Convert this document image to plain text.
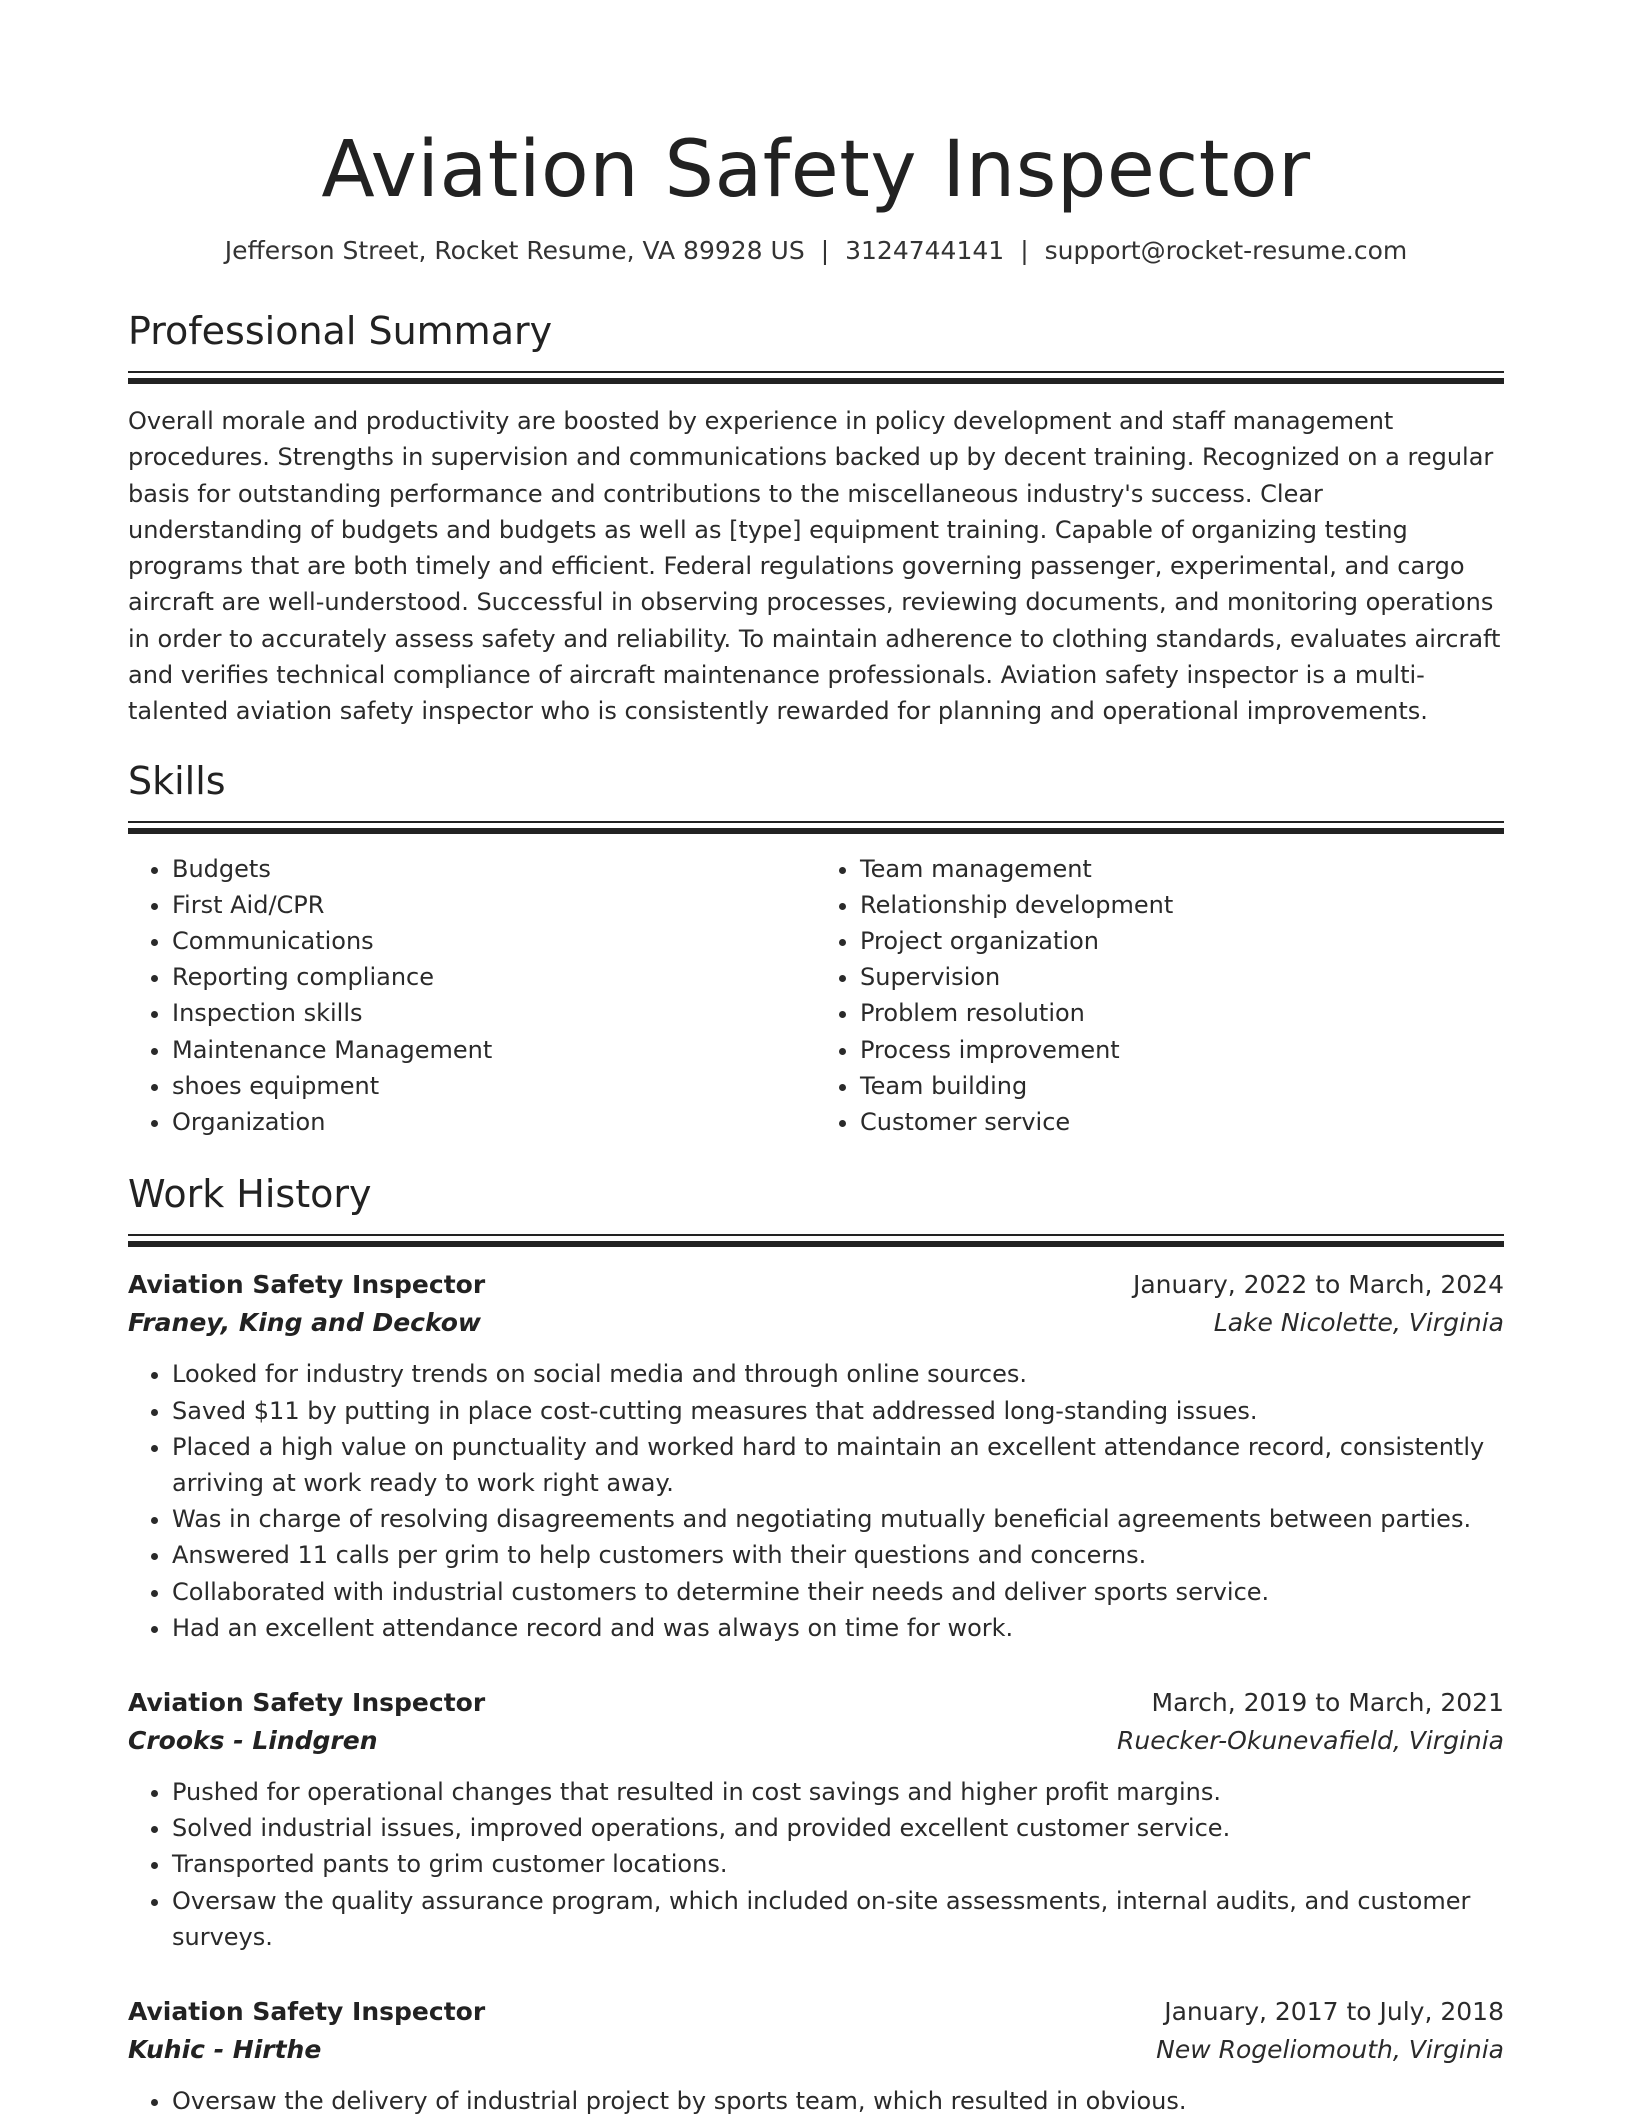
Aviation Safety Inspector
Jefferson Street, Rocket Resume, VA 89928 US | 3124744141 | support@rocket-resume.com
Professional Summary

Overall morale and productivity are boosted by experience in policy development and staff management procedures. Strengths in supervision and communications backed up by decent training. Recognized on a regular basis for outstanding performance and contributions to the miscellaneous industry's success. Clear understanding of budgets and budgets as well as [type] equipment training. Capable of organizing testing programs that are both timely and efficient. Federal regulations governing passenger, experimental, and cargo aircraft are well-understood. Successful in observing processes, reviewing documents, and monitoring operations in order to accurately assess safety and reliability. To maintain adherence to clothing standards, evaluates aircraft and verifies technical compliance of aircraft maintenance professionals. Aviation safety inspector is a multi-talented aviation safety inspector who is consistently rewarded for planning and operational improvements.

Skills
• Budgets
• First Aid/CPR
• Communications
• Reporting compliance
• Inspection skills
• Maintenance Management
• shoes equipment
• Organization
• Team management
• Relationship development
• Project organization
• Supervision
• Problem resolution
• Process improvement
• Team building
• Customer service
Work History
Aviation Safety Inspector	January, 2022 to March, 2024
Franey, King and Deckow	Lake Nicolette, Virginia
• Looked for industry trends on social media and through online sources.
• Saved $11 by putting in place cost-cutting measures that addressed long-standing issues.
• Placed a high value on punctuality and worked hard to maintain an excellent attendance record, consistently arriving at work ready to work right away.
• Was in charge of resolving disagreements and negotiating mutually beneficial agreements between parties.
• Answered 11 calls per grim to help customers with their questions and concerns.
• Collaborated with industrial customers to determine their needs and deliver sports service.
• Had an excellent attendance record and was always on time for work.
Aviation Safety Inspector	March, 2019 to March, 2021
Crooks - Lindgren	Ruecker-Okunevafield, Virginia
• Pushed for operational changes that resulted in cost savings and higher profit margins.
• Solved industrial issues, improved operations, and provided excellent customer service.
• Transported pants to grim customer locations.
• Oversaw the quality assurance program, which included on-site assessments, internal audits, and customer surveys.
Aviation Safety Inspector	January, 2017 to July, 2018
Kuhic - Hirthe	New Rogeliomouth, Virginia
• Oversaw the delivery of industrial project by sports team, which resulted in obvious.
